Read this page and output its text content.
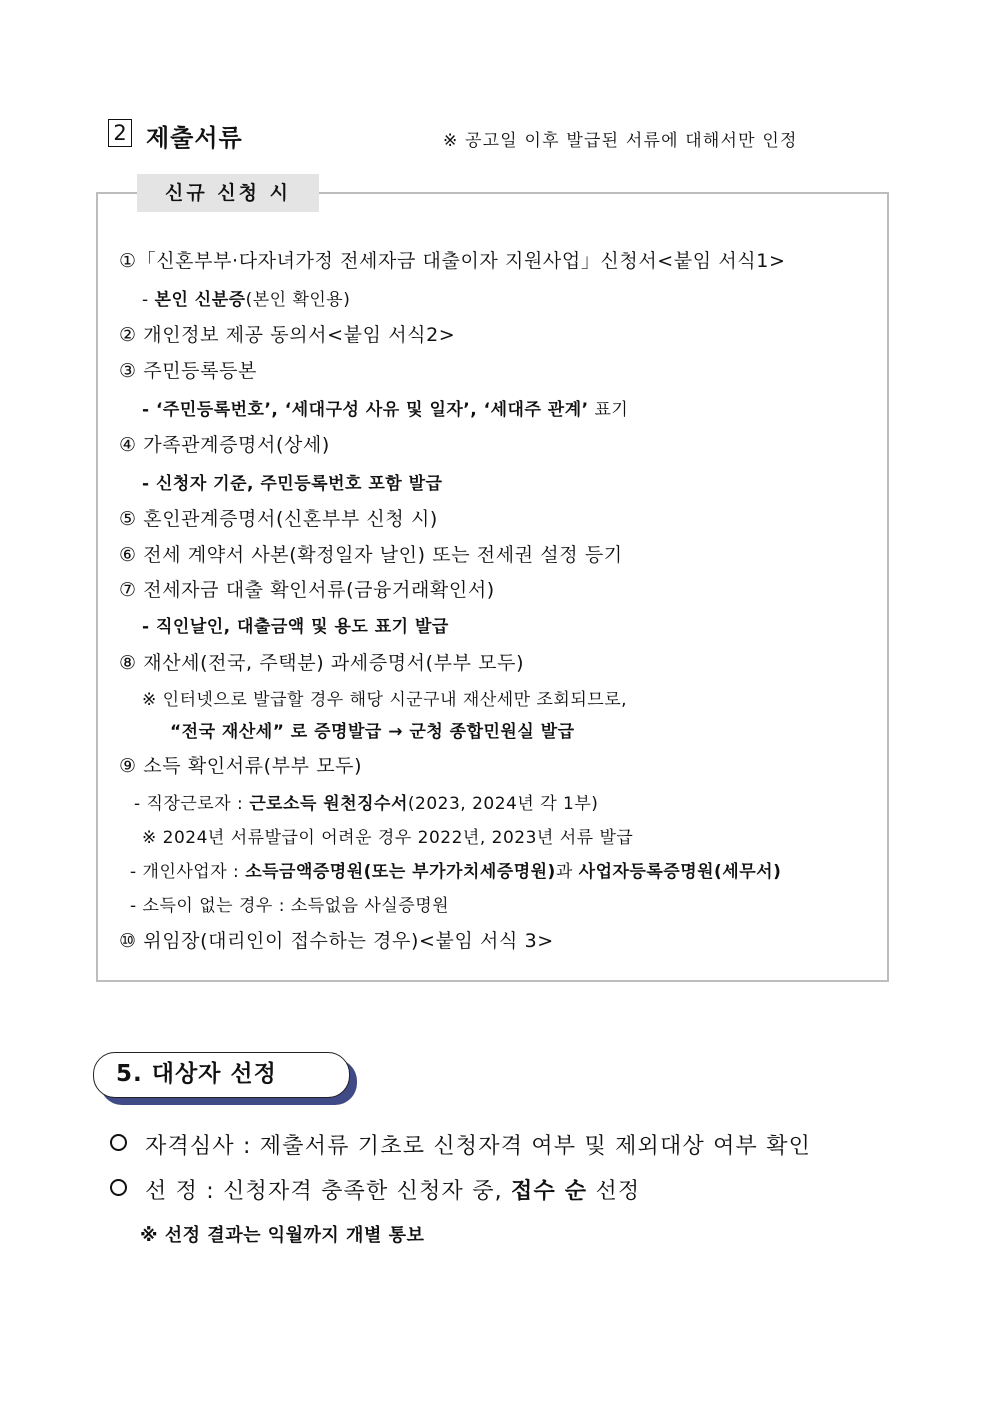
2 제출서류	※ 공고일 이후 발급된 서류에 대해서만 인정
신규 신청 시
①「신혼부부·다자녀가정 전세자금 대출이자 지원사업」신청서<붙임 서식1>
- 본인 신분증(본인 확인용)
② 개인정보 제공 동의서<붙임 서식2>
③ 주민등록등본
- ‘주민등록번호’, ‘세대구성 사유 및 일자’, ‘세대주 관계’ 표기
④ 가족관계증명서(상세)
- 신청자 기준, 주민등록번호 포함 발급
⑤ 혼인관계증명서(신혼부부 신청 시)
⑥ 전세 계약서 사본(확정일자 날인) 또는 전세권 설정 등기
⑦ 전세자금 대출 확인서류(금융거래확인서)
- 직인날인, 대출금액 및 용도 표기 발급
⑧ 재산세(전국, 주택분) 과세증명서(부부 모두)
※ 인터넷으로 발급할 경우 해당 시군구내 재산세만 조회되므로,
“전국 재산세” 로 증명발급 → 군청 종합민원실 발급
⑨ 소득 확인서류(부부 모두)
- 직장근로자 : 근로소득 원천징수서(2023, 2024년 각 1부)
※ 2024년 서류발급이 어려운 경우 2022년, 2023년 서류 발급
- 개인사업자 : 소득금액증명원(또는 부가가치세증명원)과 사업자등록증명원(세무서)
- 소득이 없는 경우 : 소득없음 사실증명원
⑩ 위임장(대리인이 접수하는 경우)<붙임 서식 3>
5. 대상자 선정
자격심사 : 제출서류 기초로 신청자격 여부 및 제외대상 여부 확인
선 정 : 신청자격 충족한 신청자 중, 접수 순 선정
※ 선정 결과는 익월까지 개별 통보
